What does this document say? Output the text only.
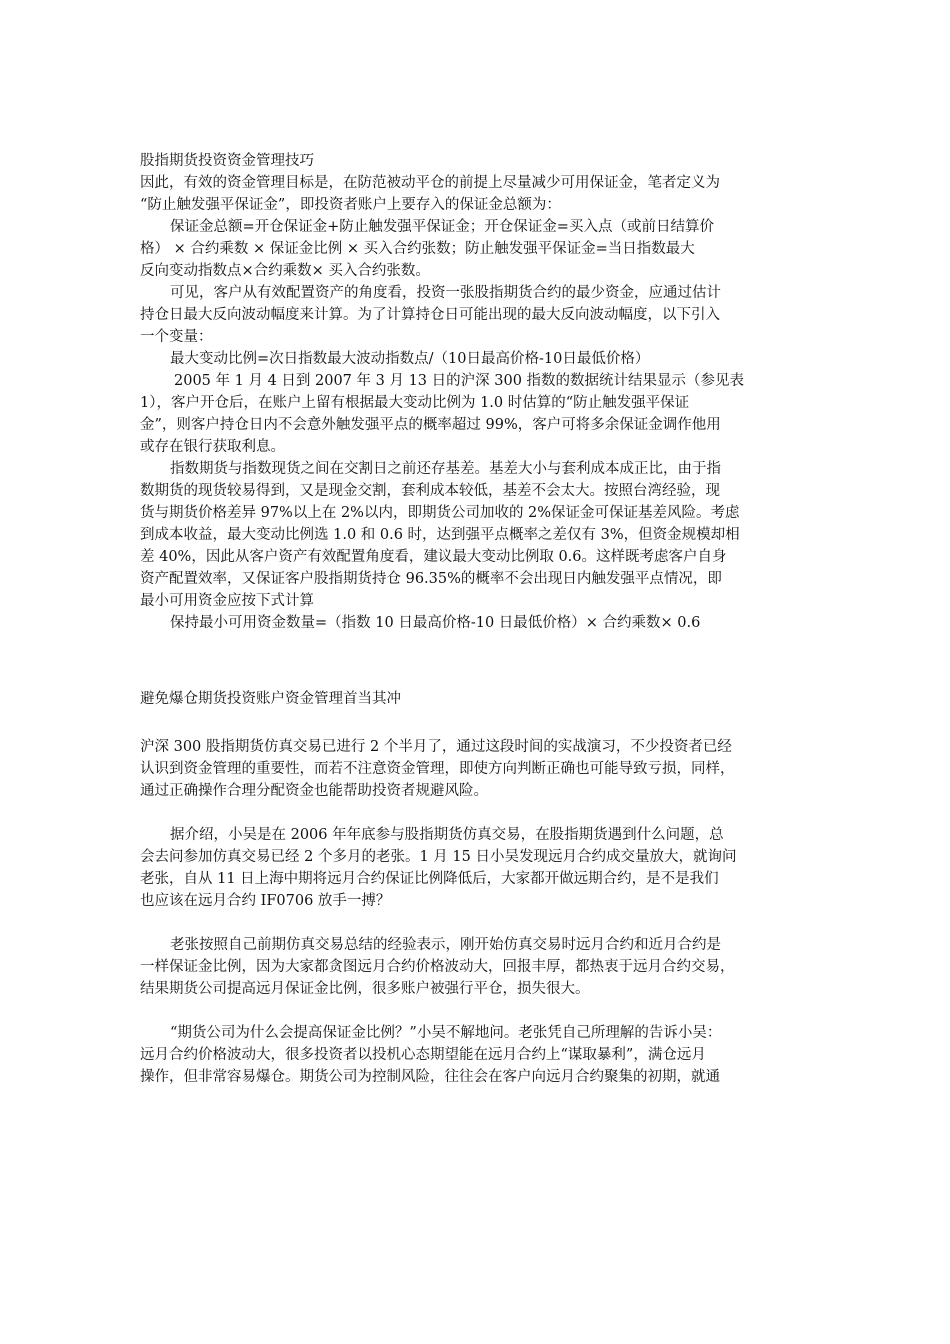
股指期货投资资金管理技巧
因此，有效的资金管理目标是，在防范被动平仓的前提上尽量减少可用保证金，笔者定义为
“防止触发强平保证金”，即投资者账户上要存入的保证金总额为：
保证金总额=开仓保证金+防止触发强平保证金；开仓保证金=买入点（或前日结算价
格） × 合约乘数 × 保证金比例 × 买入合约张数；防止触发强平保证金=当日指数最大
反向变动指数点×合约乘数× 买入合约张数。
可见，客户从有效配置资产的角度看，投资一张股指期货合约的最少资金，应通过估计
持仓日最大反向波动幅度来计算。为了计算持仓日可能出现的最大反向波动幅度，以下引入
一个变量：
最大变动比例=次日指数最大波动指数点/（10日最高价格-10日最低价格）
2005 年 1 月 4 日到 2007 年 3 月 13 日的沪深 300 指数的数据统计结果显示（参见表
1），客户开仓后，在账户上留有根据最大变动比例为 1.0 时估算的“防止触发强平保证
金”，则客户持仓日内不会意外触发强平点的概率超过 99%，客户可将多余保证金调作他用
或存在银行获取利息。
指数期货与指数现货之间在交割日之前还存基差。基差大小与套利成本成正比，由于指
数期货的现货较易得到，又是现金交割，套利成本较低，基差不会太大。按照台湾经验，现
货与期货价格差异 97%以上在 2%以内，即期货公司加收的 2%保证金可保证基差风险。考虑
到成本收益，最大变动比例选 1.0 和 0.6 时，达到强平点概率之差仅有 3%，但资金规模却相
差 40%，因此从客户资产有效配置角度看，建议最大变动比例取 0.6。这样既考虑客户自身
资产配置效率，又保证客户股指期货持仓 96.35%的概率不会出现日内触发强平点情况，即
最小可用资金应按下式计算
保持最小可用资金数量=（指数 10 日最高价格-10 日最低价格）× 合约乘数× 0.6
避免爆仓期货投资账户资金管理首当其冲
沪深 300 股指期货仿真交易已进行 2 个半月了，通过这段时间的实战演习，不少投资者已经
认识到资金管理的重要性，而若不注意资金管理，即使方向判断正确也可能导致亏损，同样，
通过正确操作合理分配资金也能帮助投资者规避风险。
据介绍，小吴是在 2006 年年底参与股指期货仿真交易，在股指期货遇到什么问题，总
会去问参加仿真交易已经 2 个多月的老张。1 月 15 日小吴发现远月合约成交量放大，就询问
老张，自从 11 日上海中期将远月合约保证比例降低后，大家都开做远期合约，是不是我们
也应该在远月合约 IF0706 放手一搏？
老张按照自己前期仿真交易总结的经验表示，刚开始仿真交易时远月合约和近月合约是
一样保证金比例，因为大家都贪图远月合约价格波动大，回报丰厚，都热衷于远月合约交易，
结果期货公司提高远月保证金比例，很多账户被强行平仓，损失很大。
“期货公司为什么会提高保证金比例？”小吴不解地问。老张凭自己所理解的告诉小吴：
远月合约价格波动大，很多投资者以投机心态期望能在远月合约上“谋取暴利”，满仓远月
操作，但非常容易爆仓。期货公司为控制风险，往往会在客户向远月合约聚集的初期，就通
